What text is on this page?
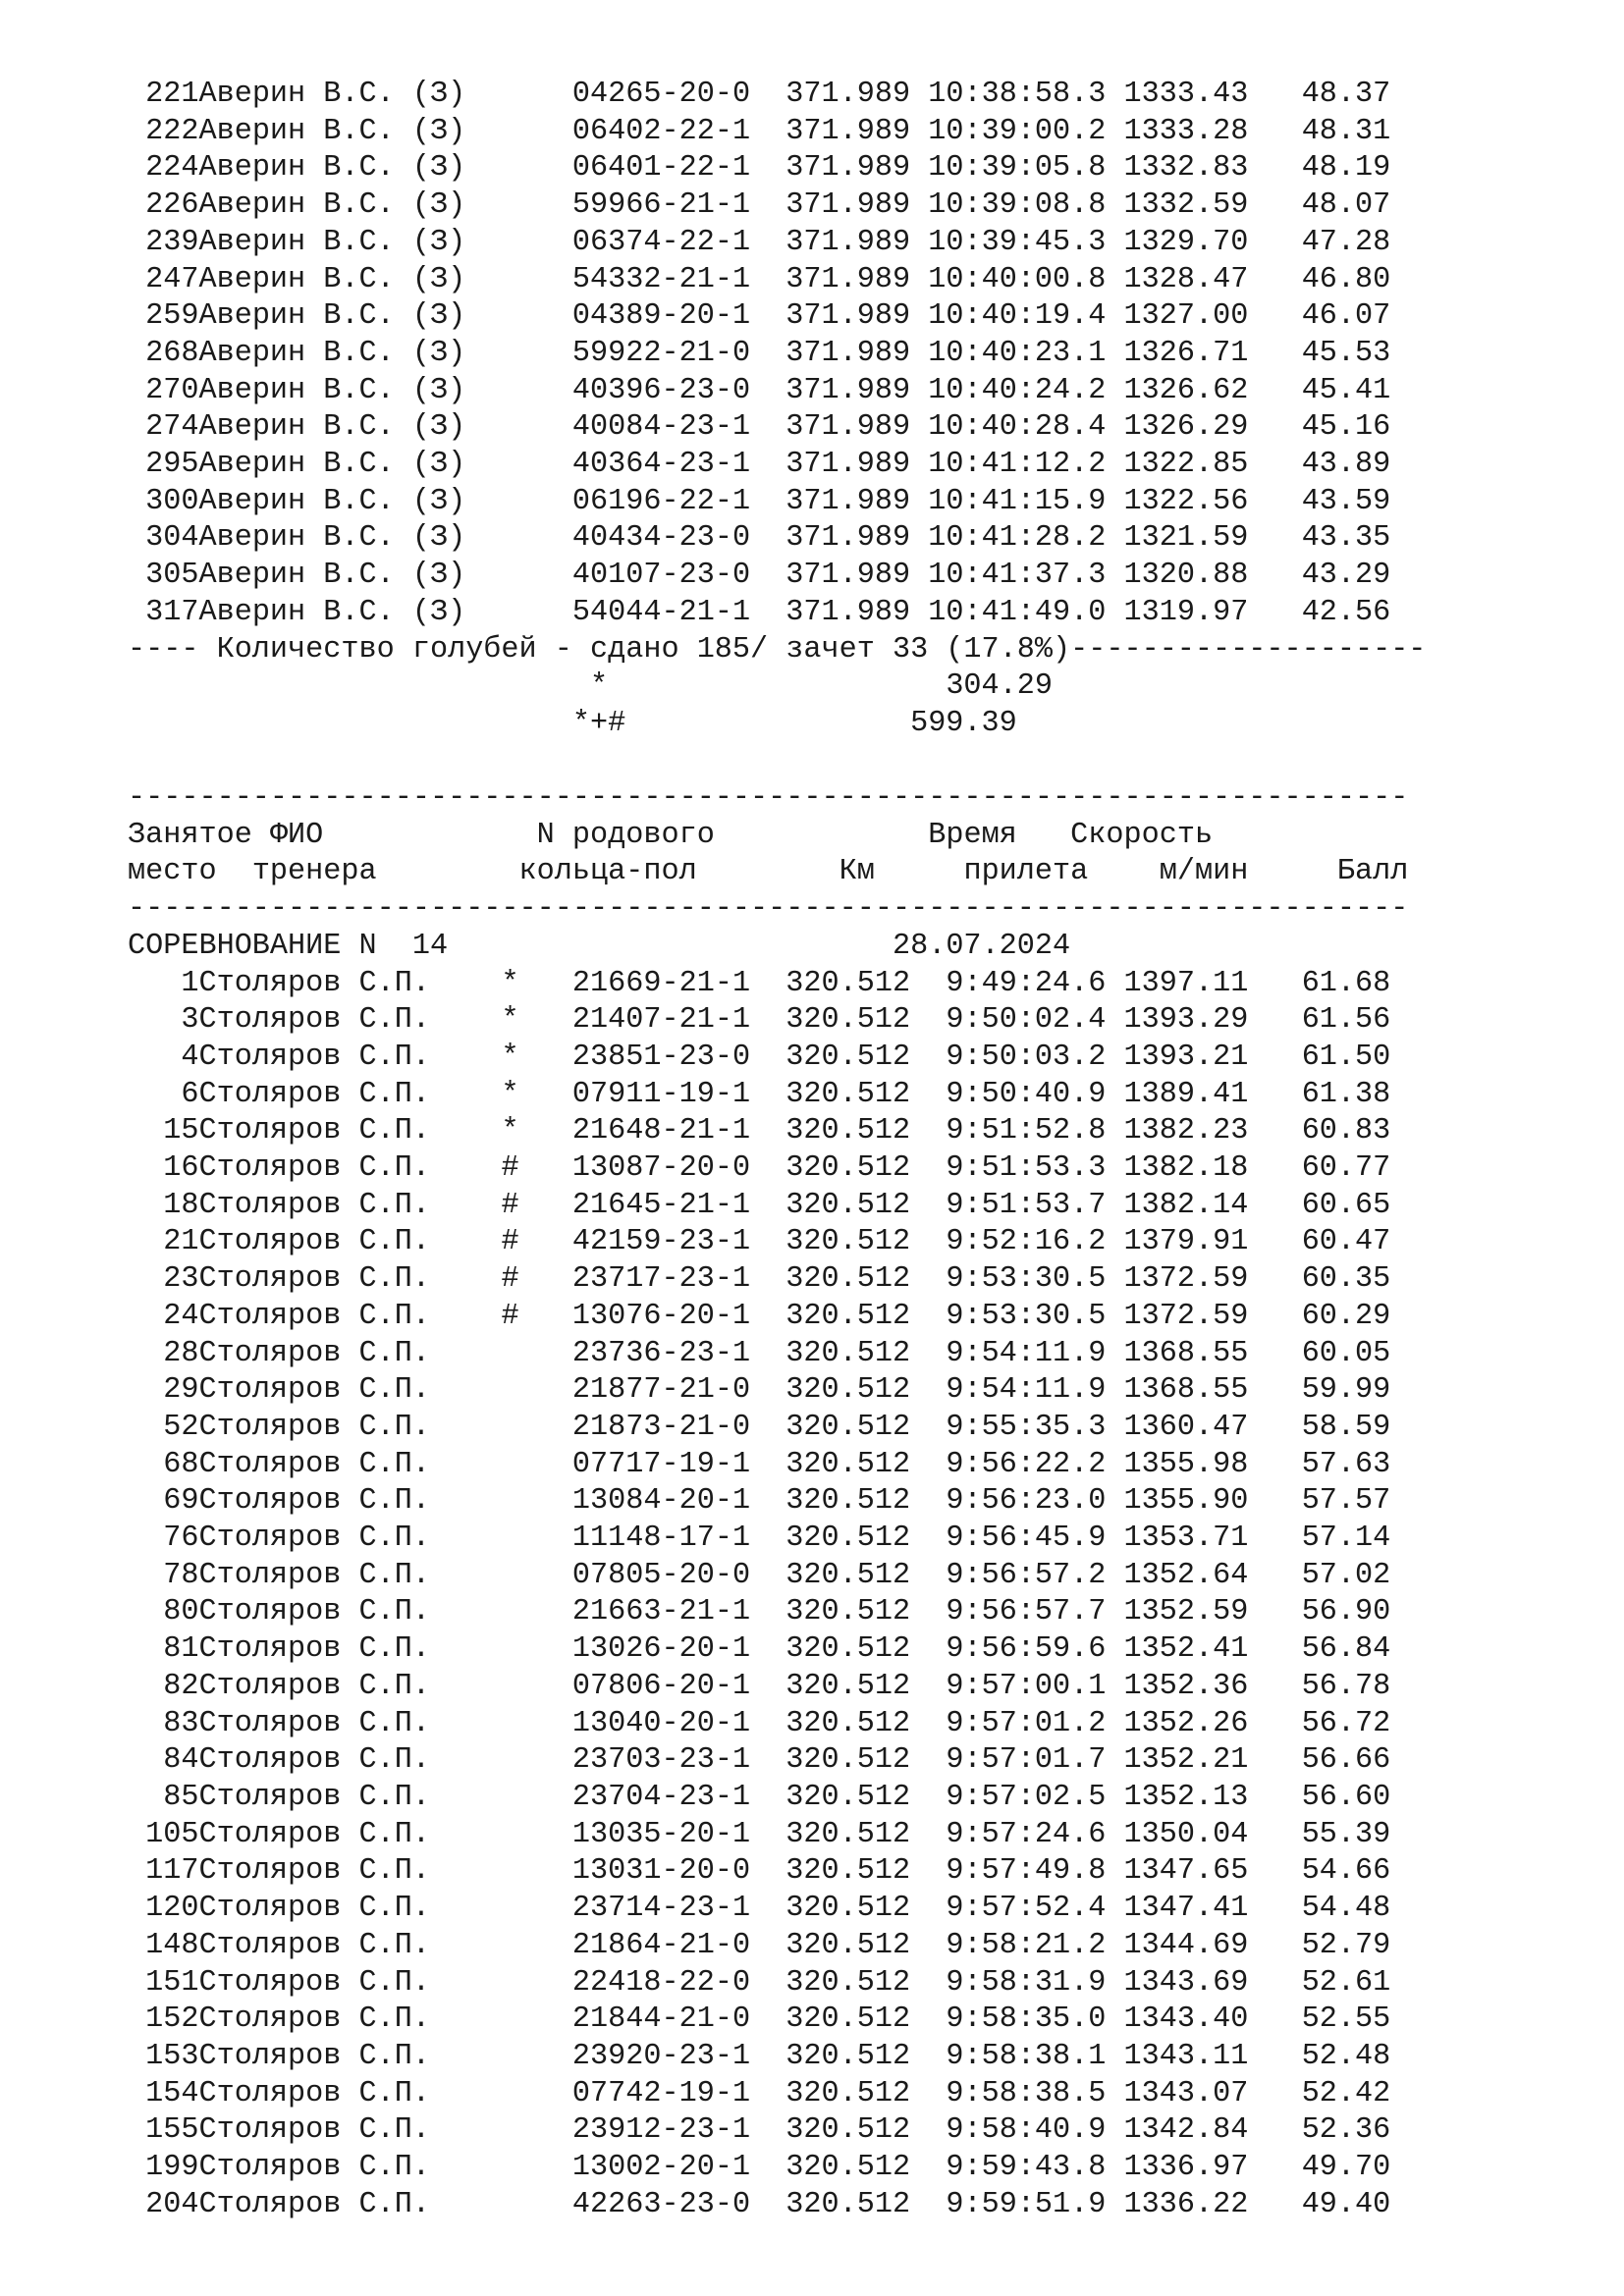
221Аверин В.С. (З)      04265-20-0  371.989 10:38:58.3 1333.43   48.37
222Аверин В.С. (З)      06402-22-1  371.989 10:39:00.2 1333.28   48.31
224Аверин В.С. (З)      06401-22-1  371.989 10:39:05.8 1332.83   48.19
226Аверин В.С. (З)      59966-21-1  371.989 10:39:08.8 1332.59   48.07
239Аверин В.С. (З)      06374-22-1  371.989 10:39:45.3 1329.70   47.28
247Аверин В.С. (З)      54332-21-1  371.989 10:40:00.8 1328.47   46.80
259Аверин В.С. (З)      04389-20-1  371.989 10:40:19.4 1327.00   46.07
268Аверин В.С. (З)      59922-21-0  371.989 10:40:23.1 1326.71   45.53
270Аверин В.С. (З)      40396-23-0  371.989 10:40:24.2 1326.62   45.41
274Аверин В.С. (З)      40084-23-1  371.989 10:40:28.4 1326.29   45.16
295Аверин В.С. (З)      40364-23-1  371.989 10:41:12.2 1322.85   43.89
300Аверин В.С. (З)      06196-22-1  371.989 10:41:15.9 1322.56   43.59
304Аверин В.С. (З)      40434-23-0  371.989 10:41:28.2 1321.59   43.35
305Аверин В.С. (З)      40107-23-0  371.989 10:41:37.3 1320.88   43.29
317Аверин В.С. (З)      54044-21-1  371.989 10:41:49.0 1319.97   42.56
---- Количество голубей - сдано 185/ зачет 33 (17.8%)--------------------
*                   304.29
*+#                599.39
------------------------------------------------------------------------
Занятое ФИО            N родового            Время   Скорость
место  тренера        кольца-пол        Км     прилета    м/мин     Балл
------------------------------------------------------------------------
СОРЕВНОВАНИЕ N  14                         28.07.2024
1Столяров С.П.    *   21669-21-1  320.512  9:49:24.6 1397.11   61.68
3Столяров С.П.    *   21407-21-1  320.512  9:50:02.4 1393.29   61.56
4Столяров С.П.    *   23851-23-0  320.512  9:50:03.2 1393.21   61.50
6Столяров С.П.    *   07911-19-1  320.512  9:50:40.9 1389.41   61.38
15Столяров С.П.    *   21648-21-1  320.512  9:51:52.8 1382.23   60.83
16Столяров С.П.    #   13087-20-0  320.512  9:51:53.3 1382.18   60.77
18Столяров С.П.    #   21645-21-1  320.512  9:51:53.7 1382.14   60.65
21Столяров С.П.    #   42159-23-1  320.512  9:52:16.2 1379.91   60.47
23Столяров С.П.    #   23717-23-1  320.512  9:53:30.5 1372.59   60.35
24Столяров С.П.    #   13076-20-1  320.512  9:53:30.5 1372.59   60.29
28Столяров С.П.        23736-23-1  320.512  9:54:11.9 1368.55   60.05
29Столяров С.П.        21877-21-0  320.512  9:54:11.9 1368.55   59.99
52Столяров С.П.        21873-21-0  320.512  9:55:35.3 1360.47   58.59
68Столяров С.П.        07717-19-1  320.512  9:56:22.2 1355.98   57.63
69Столяров С.П.        13084-20-1  320.512  9:56:23.0 1355.90   57.57
76Столяров С.П.        11148-17-1  320.512  9:56:45.9 1353.71   57.14
78Столяров С.П.        07805-20-0  320.512  9:56:57.2 1352.64   57.02
80Столяров С.П.        21663-21-1  320.512  9:56:57.7 1352.59   56.90
81Столяров С.П.        13026-20-1  320.512  9:56:59.6 1352.41   56.84
82Столяров С.П.        07806-20-1  320.512  9:57:00.1 1352.36   56.78
83Столяров С.П.        13040-20-1  320.512  9:57:01.2 1352.26   56.72
84Столяров С.П.        23703-23-1  320.512  9:57:01.7 1352.21   56.66
85Столяров С.П.        23704-23-1  320.512  9:57:02.5 1352.13   56.60
105Столяров С.П.        13035-20-1  320.512  9:57:24.6 1350.04   55.39
117Столяров С.П.        13031-20-0  320.512  9:57:49.8 1347.65   54.66
120Столяров С.П.        23714-23-1  320.512  9:57:52.4 1347.41   54.48
148Столяров С.П.        21864-21-0  320.512  9:58:21.2 1344.69   52.79
151Столяров С.П.        22418-22-0  320.512  9:58:31.9 1343.69   52.61
152Столяров С.П.        21844-21-0  320.512  9:58:35.0 1343.40   52.55
153Столяров С.П.        23920-23-1  320.512  9:58:38.1 1343.11   52.48
154Столяров С.П.        07742-19-1  320.512  9:58:38.5 1343.07   52.42
155Столяров С.П.        23912-23-1  320.512  9:58:40.9 1342.84   52.36
199Столяров С.П.        13002-20-1  320.512  9:59:43.8 1336.97   49.70
204Столяров С.П.        42263-23-0  320.512  9:59:51.9 1336.22   49.40
